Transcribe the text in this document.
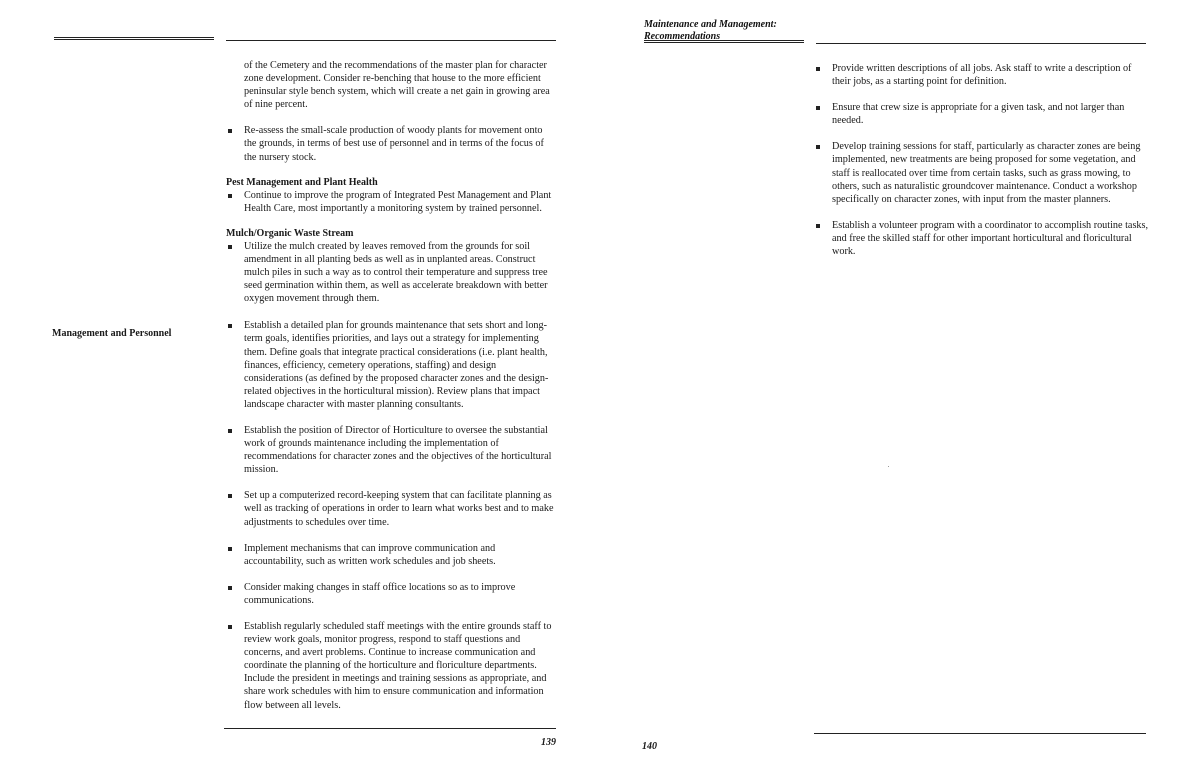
of the Cemetery and the recommendations of the master plan for character zone development. Consider re-benching that house to the more efficient peninsular style bench system, which will create a net gain in growing area of nine percent.

Re-assess the small-scale production of woody plants for movement onto the grounds, in terms of best use of personnel and in terms of the focus of the nursery stock.

Pest Management and Plant Health

Continue to improve the program of Integrated Pest Management and Plant Health Care, most importantly a monitoring system by trained personnel.

Mulch/Organic Waste Stream

Utilize the mulch created by leaves removed from the grounds for soil amendment in all planting beds as well as in unplanted areas. Construct mulch piles in such a way as to control their temperature and suppress tree seed germination within them, as well as accelerate breakdown with better oxygen movement through them.

Establish a detailed plan for grounds maintenance that sets short and long-term goals, identifies priorities, and lays out a strategy for implementing them. Define goals that integrate practical considerations (i.e. plant health, finances, efficiency, cemetery operations, staffing) and design considerations (as defined by the proposed character zones and the design-related objectives in the horticultural mission). Review plans that impact landscape character with master planning consultants.

Establish the position of Director of Horticulture to oversee the substantial work of grounds maintenance including the implementation of recommendations for character zones and the objectives of the horticultural mission.

Set up a computerized record-keeping system that can facilitate planning as well as tracking of operations in order to learn what works best and to make adjustments to schedules over time.

Implement mechanisms that can improve communication and accountability, such as written work schedules and job sheets.

Consider making changes in staff office locations so as to improve communications.

Establish regularly scheduled staff meetings with the entire grounds staff to review work goals, monitor progress, respond to staff questions and concerns, and avert problems. Continue to increase communication and coordinate the planning of the horticulture and floriculture departments. Include the president in meetings and training sessions as appropriate, and share work schedules with him to ensure communication and information flow between all levels.

Management and Personnel
139
Maintenance and Management:
Recommendations

Provide written descriptions of all jobs. Ask staff to write a description of their jobs, as a starting point for definition.

Ensure that crew size is appropriate for a given task, and not larger than needed.

Develop training sessions for staff, particularly as character zones are being implemented, new treatments are being proposed for some vegetation, and staff is reallocated over time from certain tasks, such as grass mowing, to others, such as naturalistic groundcover maintenance. Conduct a workshop specifically on character zones, with input from the master planners.

Establish a volunteer program with a coordinator to accomplish routine tasks, and free the skilled staff for other important horticultural and floricultural work.

140
